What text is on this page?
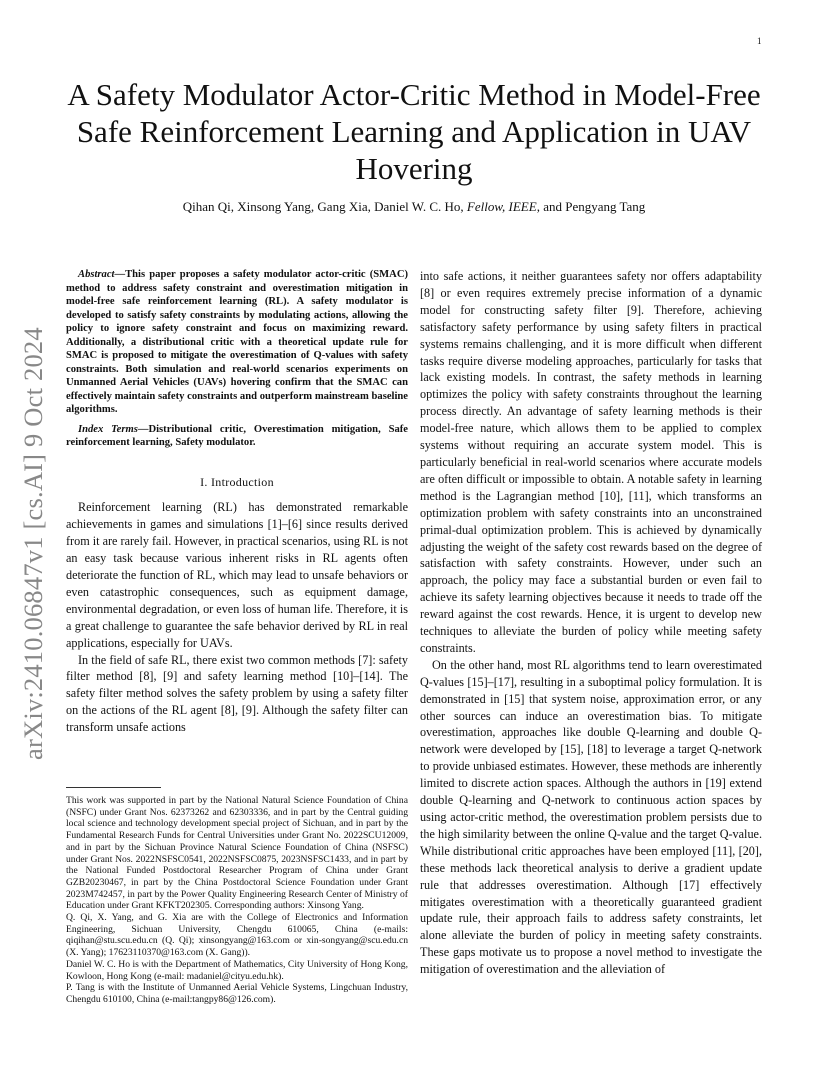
1
arXiv:2410.06847v1 [cs.AI] 9 Oct 2024
A Safety Modulator Actor-Critic Method in Model-Free Safe Reinforcement Learning and Application in UAV Hovering
Qihan Qi, Xinsong Yang, Gang Xia, Daniel W. C. Ho, Fellow, IEEE, and Pengyang Tang

Abstract—This paper proposes a safety modulator actor-critic (SMAC) method to address safety constraint and overestimation mitigation in model-free safe reinforcement learning (RL). A safety modulator is developed to satisfy safety constraints by modulating actions, allowing the policy to ignore safety constraint and focus on maximizing reward. Additionally, a distributional critic with a theoretical update rule for SMAC is proposed to mitigate the overestimation of Q-values with safety constraints. Both simulation and real-world scenarios experiments on Unmanned Aerial Vehicles (UAVs) hovering confirm that the SMAC can effectively maintain safety constraints and outperform mainstream baseline algorithms.

Index Terms—Distributional critic, Overestimation mitigation, Safe reinforcement learning, Safety modulator.

I. Introduction

Reinforcement learning (RL) has demonstrated remarkable achievements in games and simulations [1]–[6] since results derived from it are rarely fail. However, in practical scenarios, using RL is not an easy task because various inherent risks in RL agents often deteriorate the function of RL, which may lead to unsafe behaviors or even catastrophic consequences, such as equipment damage, environmental degradation, or even loss of human life. Therefore, it is a great challenge to guarantee the safe behavior derived by RL in real applications, especially for UAVs.

In the field of safe RL, there exist two common methods [7]: safety filter method [8], [9] and safety learning method [10]–[14]. The safety filter method solves the safety problem by using a safety filter on the actions of the RL agent [8], [9]. Although the safety filter can transform unsafe actions

This work was supported in part by the National Natural Science Foundation of China (NSFC) under Grant Nos. 62373262 and 62303336, and in part by the Central guiding local science and technology development special project of Sichuan, and in part by the Fundamental Research Funds for Central Universities under Grant No. 2022SCU12009, and in part by the Sichuan Province Natural Science Foundation of China (NSFSC) under Grant Nos. 2022NSFSC0541, 2022NSFSC0875, 2023NSFSC1433, and in part by the National Funded Postdoctoral Researcher Program of China under Grant GZB20230467, in part by the China Postdoctoral Science Foundation under Grant 2023M742457, in part by the Power Quality Engineering Research Center of Ministry of Education under Grant KFKT202305. Corresponding authors: Xinsong Yang.

Q. Qi, X. Yang, and G. Xia are with the College of Electronics and Information Engineering, Sichuan University, Chengdu 610065, China (e-mails: qiqihan@stu.scu.edu.cn (Q. Qi); xinsongyang@163.com or xin-songyang@scu.edu.cn (X. Yang); 17623110370@163.com (X. Gang)).

Daniel W. C. Ho is with the Department of Mathematics, City University of Hong Kong, Kowloon, Hong Kong (e-mail: madaniel@cityu.edu.hk).

P. Tang is with the Institute of Unmanned Aerial Vehicle Systems, Lingchuan Industry, Chengdu 610100, China (e-mail:tangpy86@126.com).

into safe actions, it neither guarantees safety nor offers adaptability [8] or even requires extremely precise information of a dynamic model for constructing safety filter [9]. Therefore, achieving satisfactory safety performance by using safety filters in practical systems remains challenging, and it is more difficult when different tasks require diverse modeling approaches, particularly for tasks that lack existing models. In contrast, the safety methods in learning optimizes the policy with safety constraints throughout the learning process directly. An advantage of safety learning methods is their model-free nature, which allows them to be applied to complex systems without requiring an accurate system model. This is particularly beneficial in real-world scenarios where accurate models are often difficult or impossible to obtain. A notable safety in learning method is the Lagrangian method [10], [11], which transforms an optimization problem with safety constraints into an unconstrained primal-dual optimization problem. This is achieved by dynamically adjusting the weight of the safety cost rewards based on the degree of satisfaction with safety constraints. However, under such an approach, the policy may face a substantial burden or even fail to achieve its safety learning objectives because it needs to trade off the reward against the cost rewards. Hence, it is urgent to develop new techniques to alleviate the burden of policy while meeting safety constraints.

On the other hand, most RL algorithms tend to learn overestimated Q-values [15]–[17], resulting in a suboptimal policy formulation. It is demonstrated in [15] that system noise, approximation error, or any other sources can induce an overestimation bias. To mitigate overestimation, approaches like double Q-learning and double Q-network were developed by [15], [18] to leverage a target Q-network to provide unbiased estimates. However, these methods are inherently limited to discrete action spaces. Although the authors in [19] extend double Q-learning and Q-network to continuous action spaces by using actor-critic method, the overestimation problem persists due to the high similarity between the online Q-value and the target Q-value. While distributional critic approaches have been employed [11], [20], these methods lack theoretical analysis to derive a gradient update rule that addresses overestimation. Although [17] effectively mitigates overestimation with a theoretically guaranteed gradient update rule, their approach fails to address safety constraints, let alone alleviate the burden of policy in meeting safety constraints. These gaps motivate us to propose a novel method to investigate the mitigation of overestimation and the alleviation of
